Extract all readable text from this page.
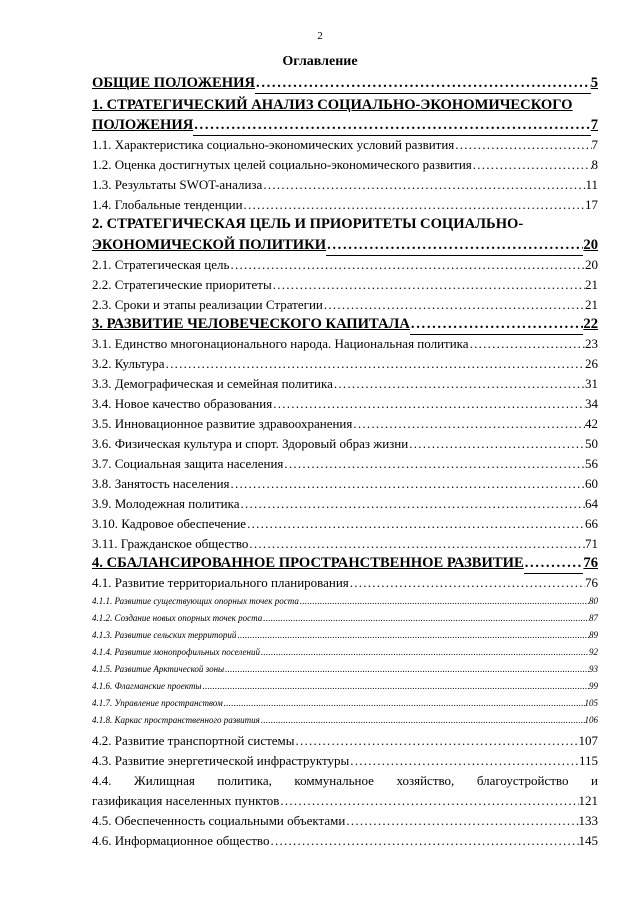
2
Оглавление
ОБЩИЕ ПОЛОЖЕНИЯ . . .	5
1. СТРАТЕГИЧЕСКИЙ АНАЛИЗ СОЦИАЛЬНО-ЭКОНОМИЧЕСКОГО
ПОЛОЖЕНИЯ . . .	7
1.1. Характеристика социально-экономических условий развития . . .	7
1.2. Оценка достигнутых целей социально-экономического развития . . .	8
1.3. Результаты SWOT-анализа . . .	11
1.4. Глобальные тенденции . . .	17
2. СТРАТЕГИЧЕСКАЯ ЦЕЛЬ И ПРИОРИТЕТЫ СОЦИАЛЬНО-
ЭКОНОМИЧЕСКОЙ ПОЛИТИКИ . . .	20
2.1. Стратегическая цель . . .	20
2.2. Стратегические приоритеты . . .	21
2.3. Сроки и этапы реализации Стратегии . . .	21
3. РАЗВИТИЕ ЧЕЛОВЕЧЕСКОГО КАПИТАЛА . . .	22
3.1. Единство многонационального народа. Национальная политика . . .	23
3.2. Культура . . .	26
3.3. Демографическая и семейная политика . . .	31
3.4. Новое качество образования . . .	34
3.5. Инновационное развитие здравоохранения . . .	42
3.6. Физическая культура и спорт. Здоровый образ жизни . . .	50
3.7. Социальная защита населения . . .	56
3.8. Занятость населения . . .	60
3.9. Молодежная политика . . .	64
3.10. Кадровое обеспечение . . .	66
3.11. Гражданское общество . . .	71
4. СБАЛАНСИРОВАННОЕ ПРОСТРАНСТВЕННОЕ РАЗВИТИЕ . . .	76
4.1. Развитие территориального планирования . . .	76
4.1.1. Развитие существующих опорных точек роста . . .	80
4.1.2. Создание новых опорных точек роста . . .	87
4.1.3. Развитие сельских территорий . . .	89
4.1.4. Развитие монопрофильных поселений . . .	92
4.1.5. Развитие Арктической зоны . . .	93
4.1.6. Флагманские проекты . . .	99
4.1.7. Управление пространством . . .	105
4.1.8. Каркас пространственного развития . . .	106
4.2. Развитие транспортной системы . . .	107
4.3. Развитие энергетической инфраструктуры . . .	115
4.4. Жилищная политика, коммунальное хозяйство, благоустройство и
газификация населенных пунктов . . .	121
4.5. Обеспеченность социальными объектами . . .	133
4.6. Информационное общество . . .	145
